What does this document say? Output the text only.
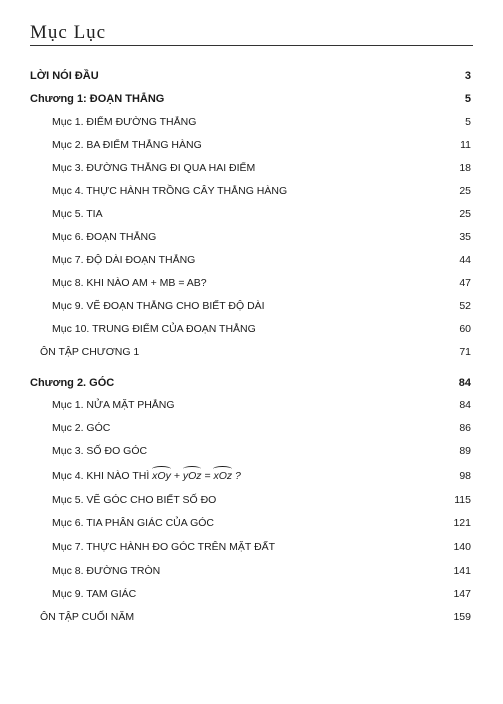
Mục Lục
LỜI NÓI ĐẦU	3
Chương 1: ĐOẠN THẲNG	5
Mục 1. ĐIỂM ĐƯỜNG THẲNG	5
Mục 2. BA ĐIỂM THẲNG HÀNG	11
Mục 3. ĐƯỜNG THẲNG ĐI QUA HAI ĐIỂM	18
Mục 4. THỰC HÀNH TRỒNG CÂY THẲNG HÀNG	25
Mục 5. TIA	25
Mục 6. ĐOẠN THẲNG	35
Mục 7. ĐỘ DÀI ĐOẠN THẲNG	44
Mục 8. KHI NÀO AM + MB = AB?	47
Mục 9. VẼ ĐOẠN THẲNG CHO BIẾT ĐỘ DÀI	52
Mục 10. TRUNG ĐIỂM CỦA ĐOẠN THẲNG	60
ÔN TẬP CHƯƠNG 1	71
Chương 2. GÓC	84
Mục 1. NỬA MẶT PHẲNG	84
Mục 2. GÓC	86
Mục 3. SỐ ĐO GÓC	89
Mục 4. KHI NÀO THÌ xOy + yOz = xOz ?	98
Mục 5. VẼ GÓC CHO BIẾT SỐ ĐO	115
Mục 6. TIA PHÂN GIÁC CỦA GÓC	121
Mục 7. THỰC HÀNH ĐO GÓC TRÊN MẶT ĐẤT	140
Mục 8. ĐƯỜNG TRÒN	141
Mục 9. TAM GIÁC	147
ÔN TẬP CUỐI NĂM	159
